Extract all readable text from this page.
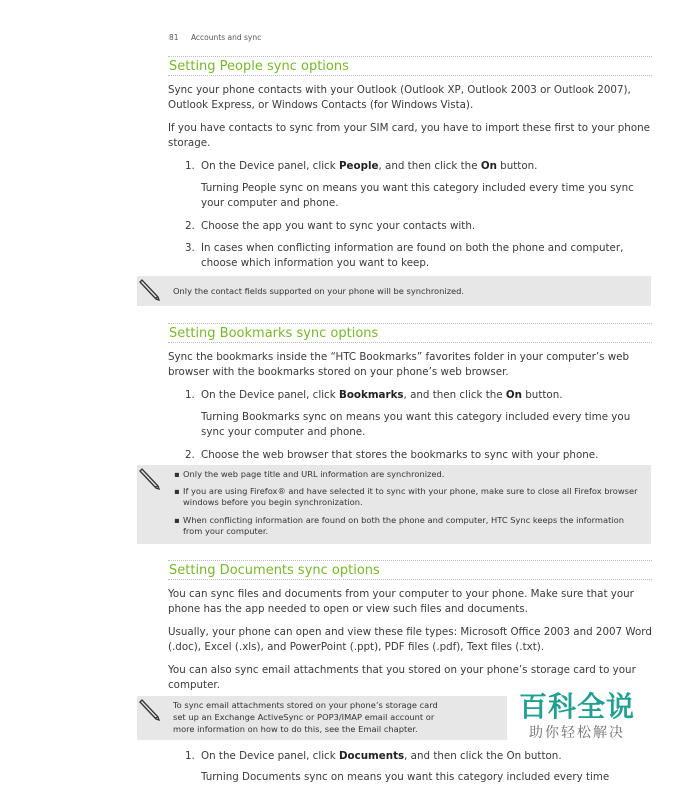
81 Accounts and sync
Setting People sync options

Sync your phone contacts with your Outlook (Outlook XP, Outlook 2003 or Outlook 2007), Outlook Express, or Windows Contacts (for Windows Vista).

If you have contacts to sync from your SIM card, you have to import these first to your phone storage.

1. On the Device panel, click People, and then click the On button.
Turning People sync on means you want this category included every time you sync your computer and phone.
2. Choose the app you want to sync your contacts with.
3. In cases when conflicting information are found on both the phone and computer, choose which information you want to keep.
Only the contact fields supported on your phone will be synchronized.
Setting Bookmarks sync options

Sync the bookmarks inside the “HTC Bookmarks” favorites folder in your computer’s web browser with the bookmarks stored on your phone’s web browser.

1. On the Device panel, click Bookmarks, and then click the On button.
Turning Bookmarks sync on means you want this category included every time you sync your computer and phone.
2. Choose the web browser that stores the bookmarks to sync with your phone.
▪ Only the web page title and URL information are synchronized.
▪ If you are using Firefox® and have selected it to sync with your phone, make sure to close all Firefox browser windows before you begin synchronization.
▪ When conflicting information are found on both the phone and computer, HTC Sync keeps the information from your computer.
Setting Documents sync options

You can sync files and documents from your computer to your phone. Make sure that your phone has the app needed to open or view such files and documents.

Usually, your phone can open and view these file types: Microsoft Office 2003 and 2007 Word (.doc), Excel (.xls), and PowerPoint (.ppt), PDF files (.pdf), Text files (.txt).

You can also sync email attachments that you stored on your phone’s storage card to your computer.

To sync email attachments stored on your phone’s storage card
set up an Exchange ActiveSync or POP3/IMAP email account or
more information on how to do this, see the Email chapter.
1. On the Device panel, click Documents, and then click the On button.
Turning Documents sync on means you want this category included every time
百科全说
助你轻松解决
